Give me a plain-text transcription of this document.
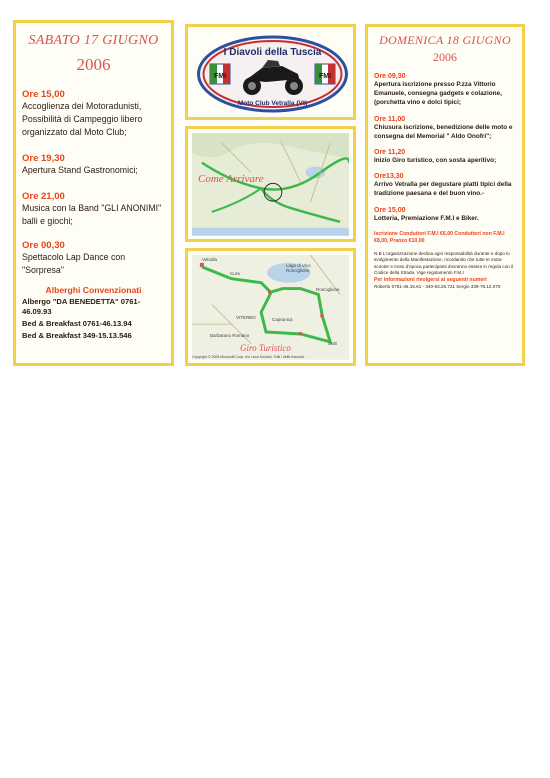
SABATO 17 GIUGNO
2006
Ore 15,00
Accoglienza dei Motoradunisti, Possibilità di Campeggio libero organizzato dal Moto Club;
Ore 19,30
Apertura Stand Gastronomici;
Ore 21,00
Musica con la Band "GLI ANONIMI" balli e giochi;
Ore 00,30
Spettacolo Lap Dance con "Sorpresa"
Alberghi Convenzionati
Albergo "DA BENEDETTA" 0761-46.09.93
Bed & Breakfast 0761-46.13.94
Bed & Breakfast 349-15.13.546
FMI	FMI
I Diavoli della Tuscia
Moto Club Vetralla (Vt)
Come Arrivare
Vetralla
Lago di Vico Ronciglione
Ronciglione
Capranica
Sutri
Barbarano Romano
VITERBO
Cura
Giro Turistico
Copyright © 2005 Microsoft Corp. e/o i suoi fornitori. Tutti i diritti riservati.
DOMENICA 18 GIUGNO
2006
Ore 09,30
Apertura iscrizione presso P.zza Vittorio Emanuele, consegna gadgets e colazione, (porchetta vino e dolci tipici;
Ore 11,00
Chiusura iscrizione, benedizione delle moto e consegna del Memorial " Aldo Onofri";
Ore 11,20
Inizio Giro turistico, con sosta aperitivo;
Ore13,30
Arrivo Vetralla per degustare piatti tipici della tradizione paesana e del buon vino.-
Ore 15,00
Lotteria, Premiazione F.M.I e Biker.
Iscrizione Conduttori F.M.I €6,00 Conduttori non F.M.I €8,00, Pranzo €10,00
N.B L'organizzazione declina ogni responsabilità durante e dopo lo svolgimento della Manifestazione, ricordando che tutte le moto-scooter e moto d'epoca partecipanti dovranno essere in regola con il Codice della Strada. Vige regolamento F.M.I
Per informazioni rivolgersi ai seguenti numeri
Roberto 0761-46.15.61 - 340-93.26.721 Sergio 339-76.12.070
